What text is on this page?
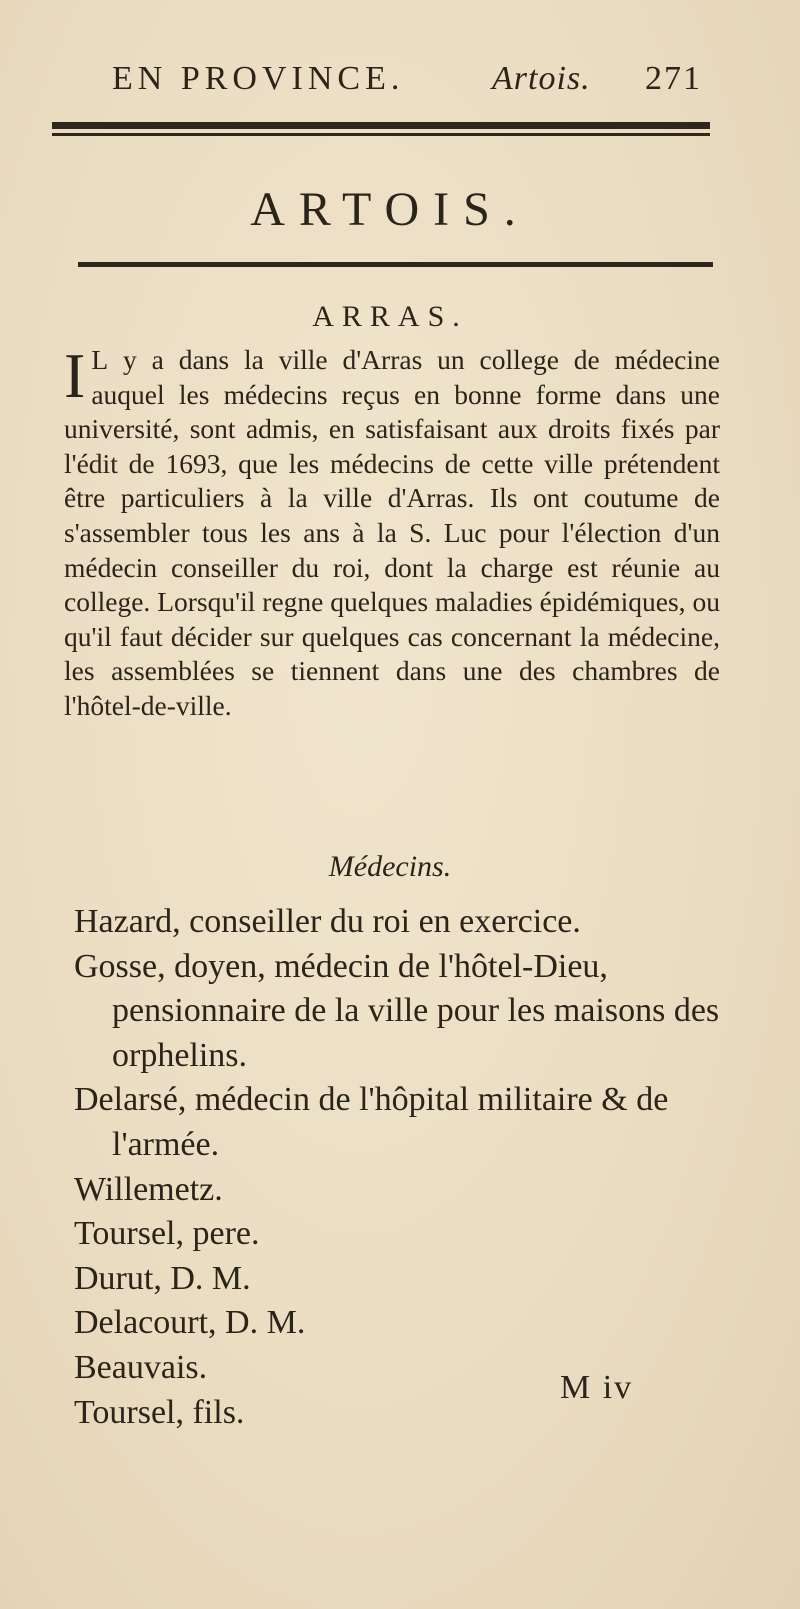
EN PROVINCE.	Artois. 271
ARTOIS.
ARRAS.

I L y a dans la ville d'Arras un college de médecine auquel les médecins reçus en bonne forme dans une université, sont admis, en satisfaisant aux droits fixés par l'édit de 1693, que les médecins de cette ville prétendent être particuliers à la ville d'Arras. Ils ont coutume de s'assembler tous les ans à la S. Luc pour l'élection d'un médecin conseiller du roi, dont la charge est réunie au college. Lorsqu'il regne quelques maladies épidémiques, ou qu'il faut décider sur quelques cas concernant la médecine, les assemblées se tiennent dans une des chambres de l'hôtel-de-ville.

Médecins.
Hazard, conseiller du roi en exercice.
Gosse, doyen, médecin de l'hôtel-Dieu, pensionnaire de la ville pour les maisons des orphelins.
Delarsé, médecin de l'hôpital militaire & de l'armée.
Willemetz.
Toursel, pere.
Durut, D. M.
Delacourt, D. M.
Beauvais.
Toursel, fils.
M iv
